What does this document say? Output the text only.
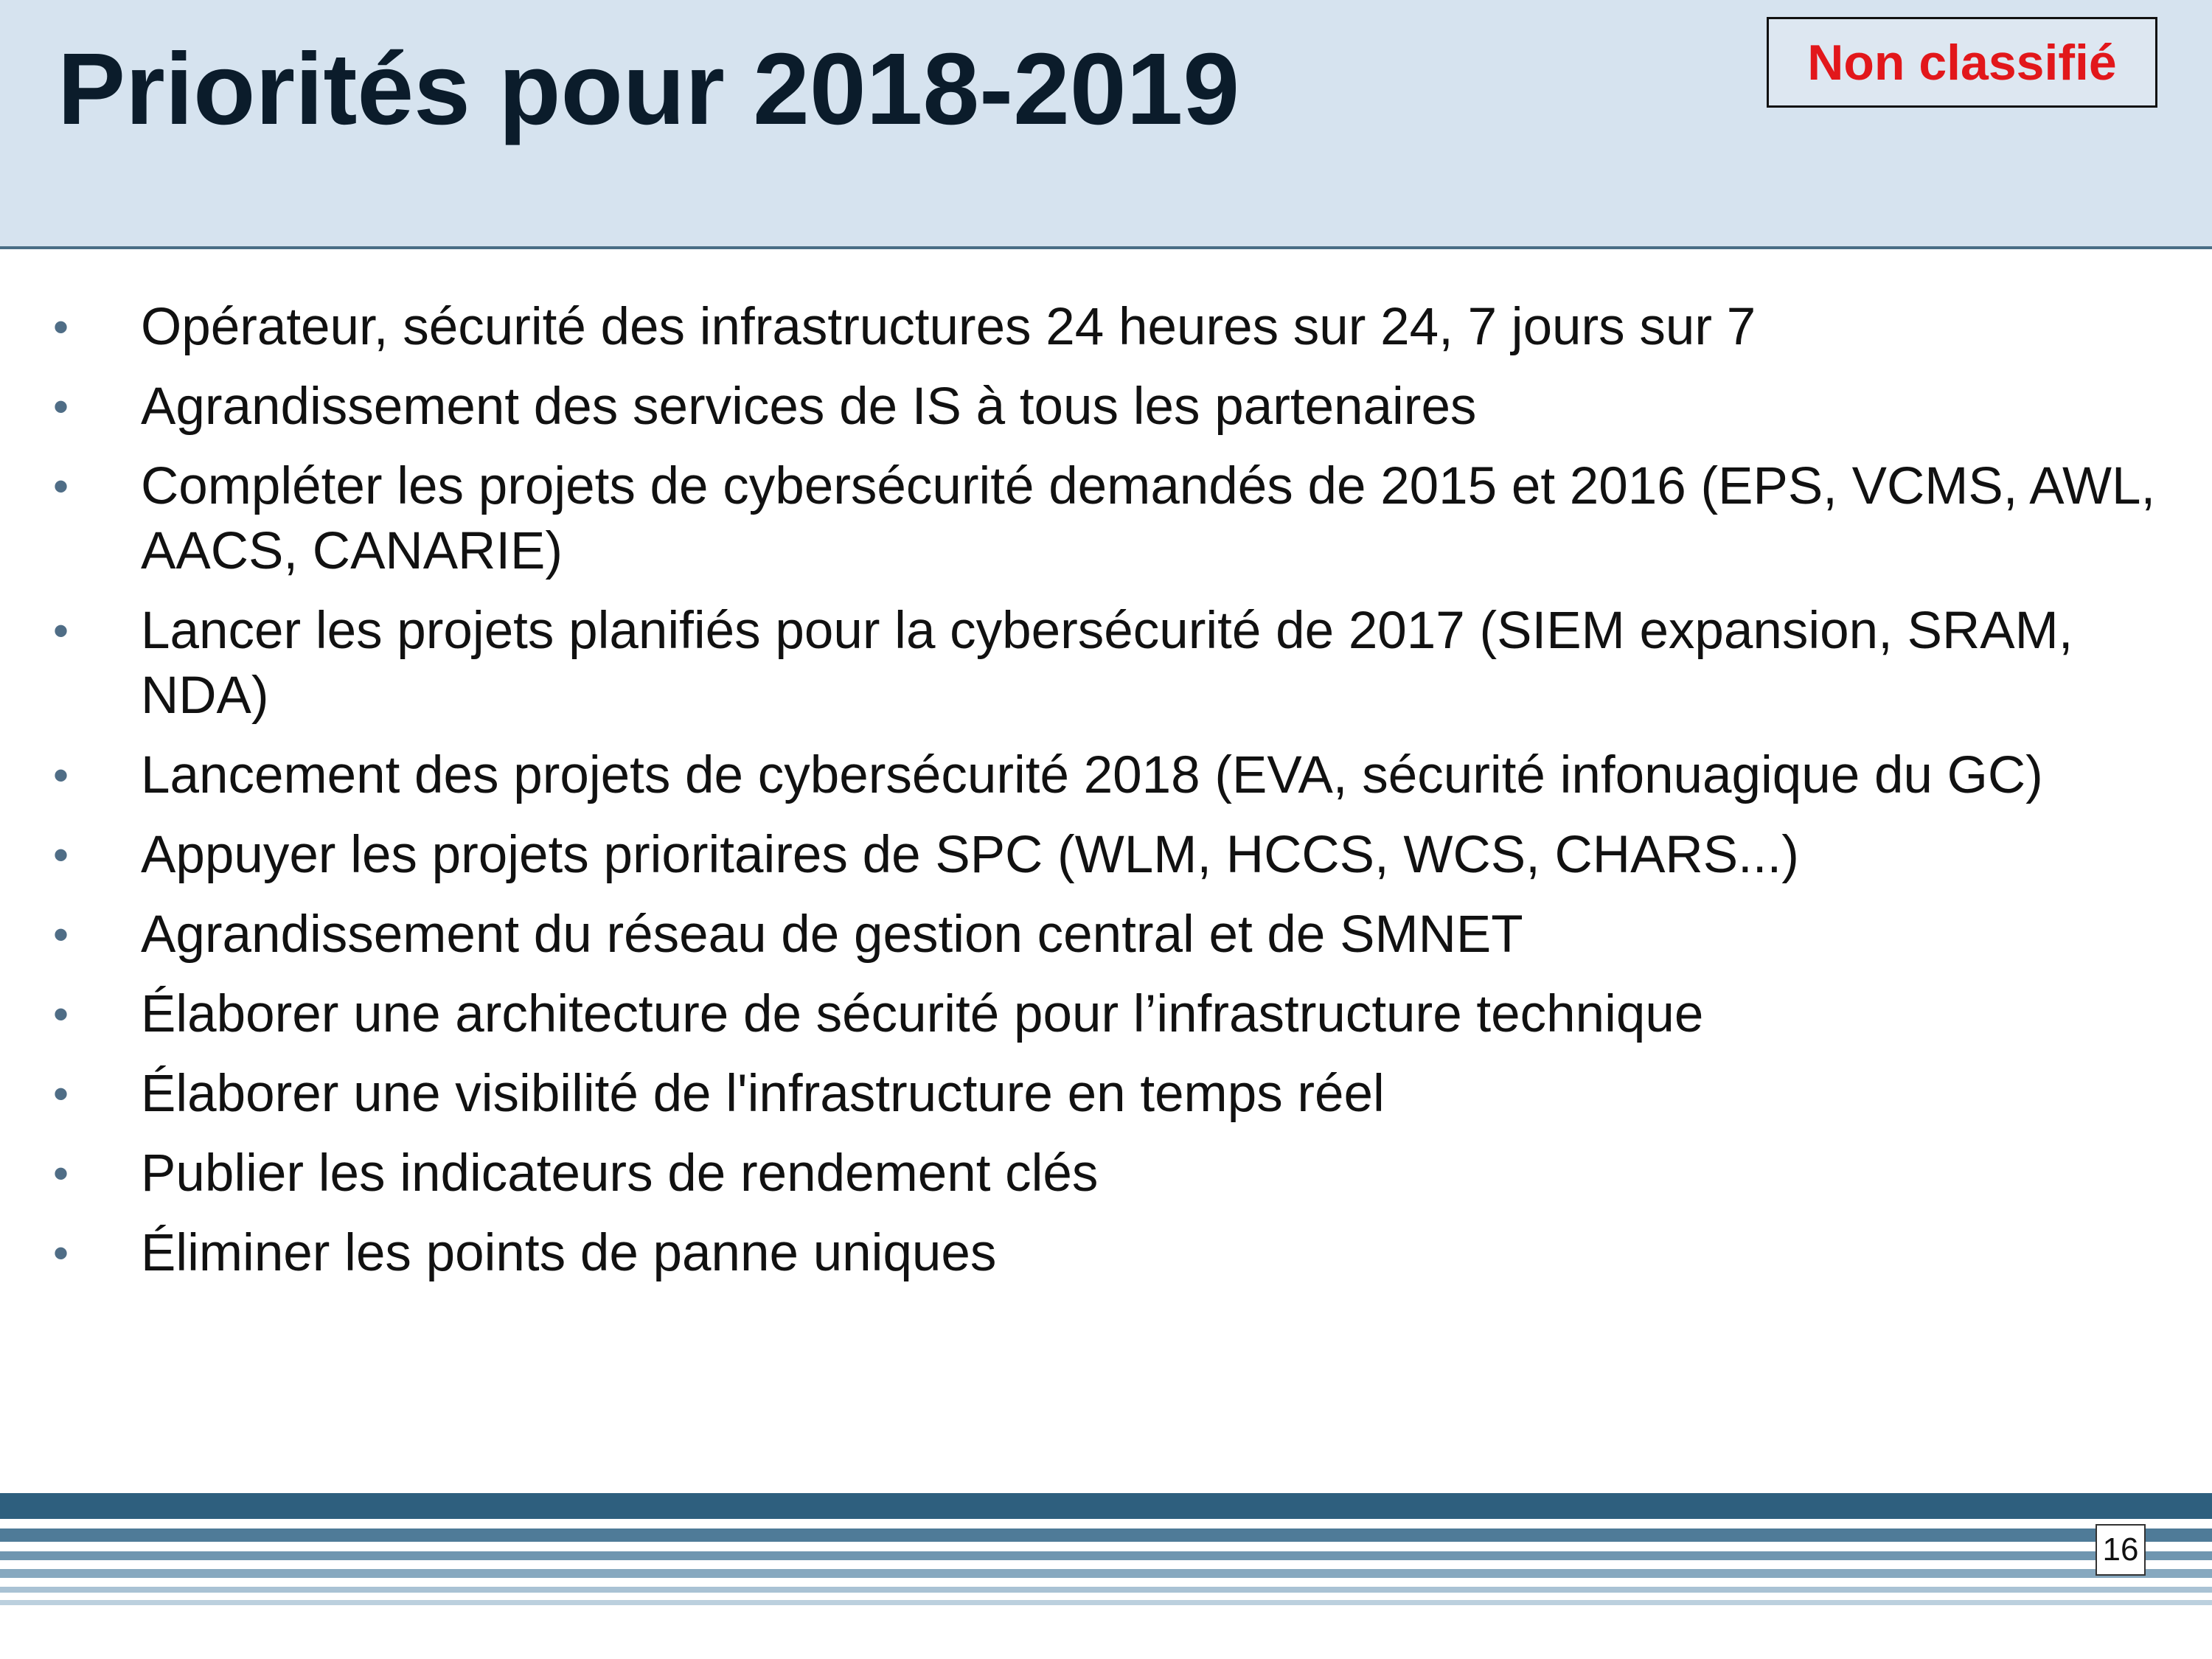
Priorités pour 2018-2019	Non classifié
• Opérateur, sécurité des infrastructures 24 heures sur 24, 7 jours sur 7
• Agrandissement des services de IS à tous les partenaires
• Compléter les projets de cybersécurité demandés de 2015 et 2016 (EPS, VCMS, AWL, AACS, CANARIE)
• Lancer les projets planifiés pour la cybersécurité de 2017 (SIEM expansion, SRAM, NDA)
• Lancement des projets de cybersécurité 2018 (EVA, sécurité infonuagique du GC)
• Appuyer les projets prioritaires de SPC (WLM, HCCS, WCS, CHARS...)
• Agrandissement du réseau de gestion central et de SMNET
• Élaborer une architecture de sécurité pour l’infrastructure technique
• Élaborer une visibilité de l'infrastructure en temps réel
• Publier les indicateurs de rendement clés
• Éliminer les points de panne uniques
16
